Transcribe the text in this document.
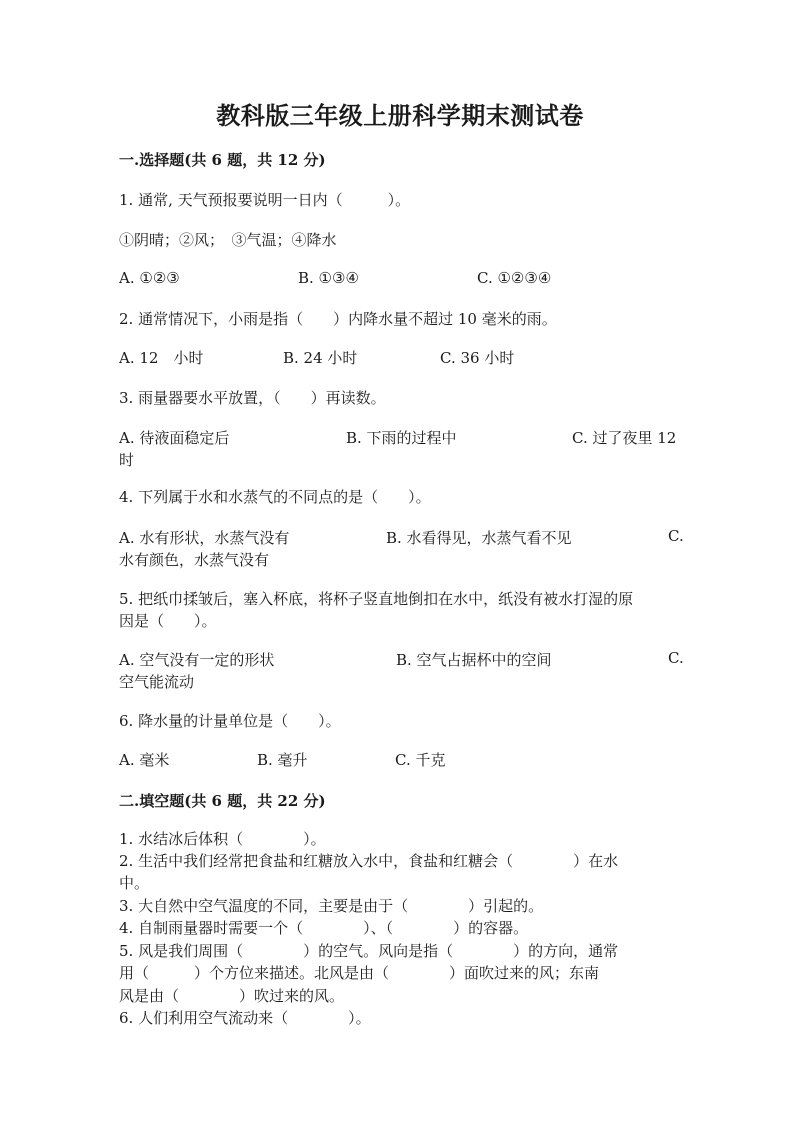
教科版三年级上册科学期末测试卷
一.选择题(共 6 题，共 12 分)
1. 通常, 天气预报要说明一日内（　　　）。
①阴晴；②风；　③气温；④降水
A. ①②③	B. ①③④	C. ①②③④
2. 通常情况下，小雨是指（　　）内降水量不超过 10 毫米的雨。
A. 12　小时	B. 24 小时	C. 36 小时
3. 雨量器要水平放置，（　　）再读数。
A. 待液面稳定后	B. 下雨的过程中	C. 过了夜里 12
时
4. 下列属于水和水蒸气的不同点的是（　　）。
A. 水有形状，水蒸气没有	B. 水看得见，水蒸气看不见	C.
水有颜色，水蒸气没有
5. 把纸巾揉皱后，塞入杯底，将杯子竖直地倒扣在水中，纸没有被水打湿的原
因是（　　）。
A. 空气没有一定的形状	B. 空气占据杯中的空间	C.
空气能流动
6. 降水量的计量单位是（　　）。
A. 毫米	B. 毫升	C. 千克
二.填空题(共 6 题，共 22 分)
1. 水结冰后体积（　　　　）。
2. 生活中我们经常把食盐和红糖放入水中，食盐和红糖会（　　　　）在水
中。
3. 大自然中空气温度的不同，主要是由于（　　　　）引起的。
4. 自制雨量器时需要一个（　　　　）、（　　　　）的容器。
5. 风是我们周围（　　　　）的空气。风向是指（　　　　）的方向，通常
用（　　　）个方位来描述。北风是由（　　　　）面吹过来的风；东南
风是由（　　　　）吹过来的风。
6. 人们利用空气流动来（　　　　）。
